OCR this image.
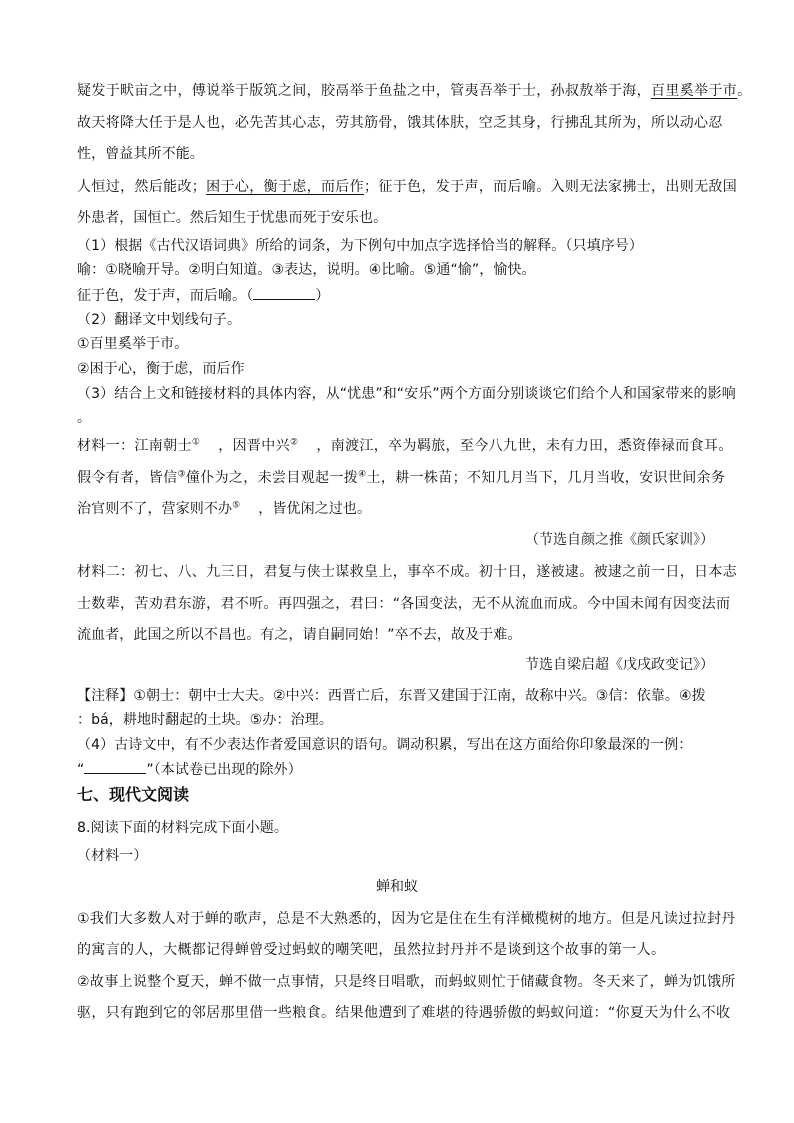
疑发于畎亩之中，傅说举于版筑之间，胶鬲举于鱼盐之中，管夷吾举于士，孙叔敖举于海，百里奚举于市。
故天将降大任于是人也，必先苦其心志，劳其筋骨，饿其体肤，空乏其身，行拂乱其所为，所以动心忍
性，曾益其所不能。
人恒过，然后能改；困于心，衡于虑，而后作；征于色，发于声，而后喻。入则无法家拂士，出则无敌国
外患者，国恒亡。然后知生于忧患而死于安乐也。
（1）根据《古代汉语词典》所给的词条，为下例句中加点字选择恰当的解释。（只填序号）
喻：①晓喻开导。②明白知道。③表达，说明。④比喻。⑤通“愉”，愉快。
征于色，发于声，而后喻。（	）
（2）翻译文中划线句子。
①百里奚举于市。
②困于心，衡于虑，而后作
（3）结合上文和链接材料的具体内容，从“忧患”和“安乐”两个方面分别谈谈它们给个人和国家带来的影响
。
材料一：江南朝士① ，因晋中兴② ，南渡江，卒为羁旅，至今八九世，未有力田，悉资俸禄而食耳。
假令有者，皆信③僮仆为之，未尝目观起一拨④土，耕一株苗；不知几月当下，几月当收，安识世间余务
治官则不了，营家则不办⑤ ，皆优闲之过也。
（节选自颜之推《颜氏家训》）
材料二：初七、八、九三日，君复与侠士谋救皇上，事卒不成。初十日，遂被逮。被逮之前一日，日本志
士数辈，苦劝君东游，君不听。再四强之，君曰：“各国变法，无不从流血而成。今中国未闻有因变法而
流血者，此国之所以不昌也。有之，请自嗣同始！”卒不去，故及于难。
节选自梁启超《戊戌政变记》）
【注释】①朝士：朝中士大夫。②中兴：西晋亡后，东晋又建国于江南，故称中兴。③信：依靠。④拨
：bá，耕地时翻起的土块。⑤办：治理。
（4）古诗文中，有不少表达作者爱国意识的语句。调动积累，写出在这方面给你印象最深的一例：
“	”（本试卷已出现的除外）
七、现代文阅读
8.阅读下面的材料完成下面小题。
（材料一）
蝉和蚁
①我们大多数人对于蝉的歌声，总是不大熟悉的，因为它是住在生有洋橄榄树的地方。但是凡读过拉封丹
的寓言的人，大概都记得蝉曾受过蚂蚁的嘲笑吧，虽然拉封丹并不是谈到这个故事的第一人。
②故事上说整个夏天，蝉不做一点事情，只是终日唱歌，而蚂蚁则忙于储藏食物。冬天来了，蝉为饥饿所
驱，只有跑到它的邻居那里借一些粮食。结果他遭到了难堪的待遇骄傲的蚂蚁问道：“你夏天为什么不收
